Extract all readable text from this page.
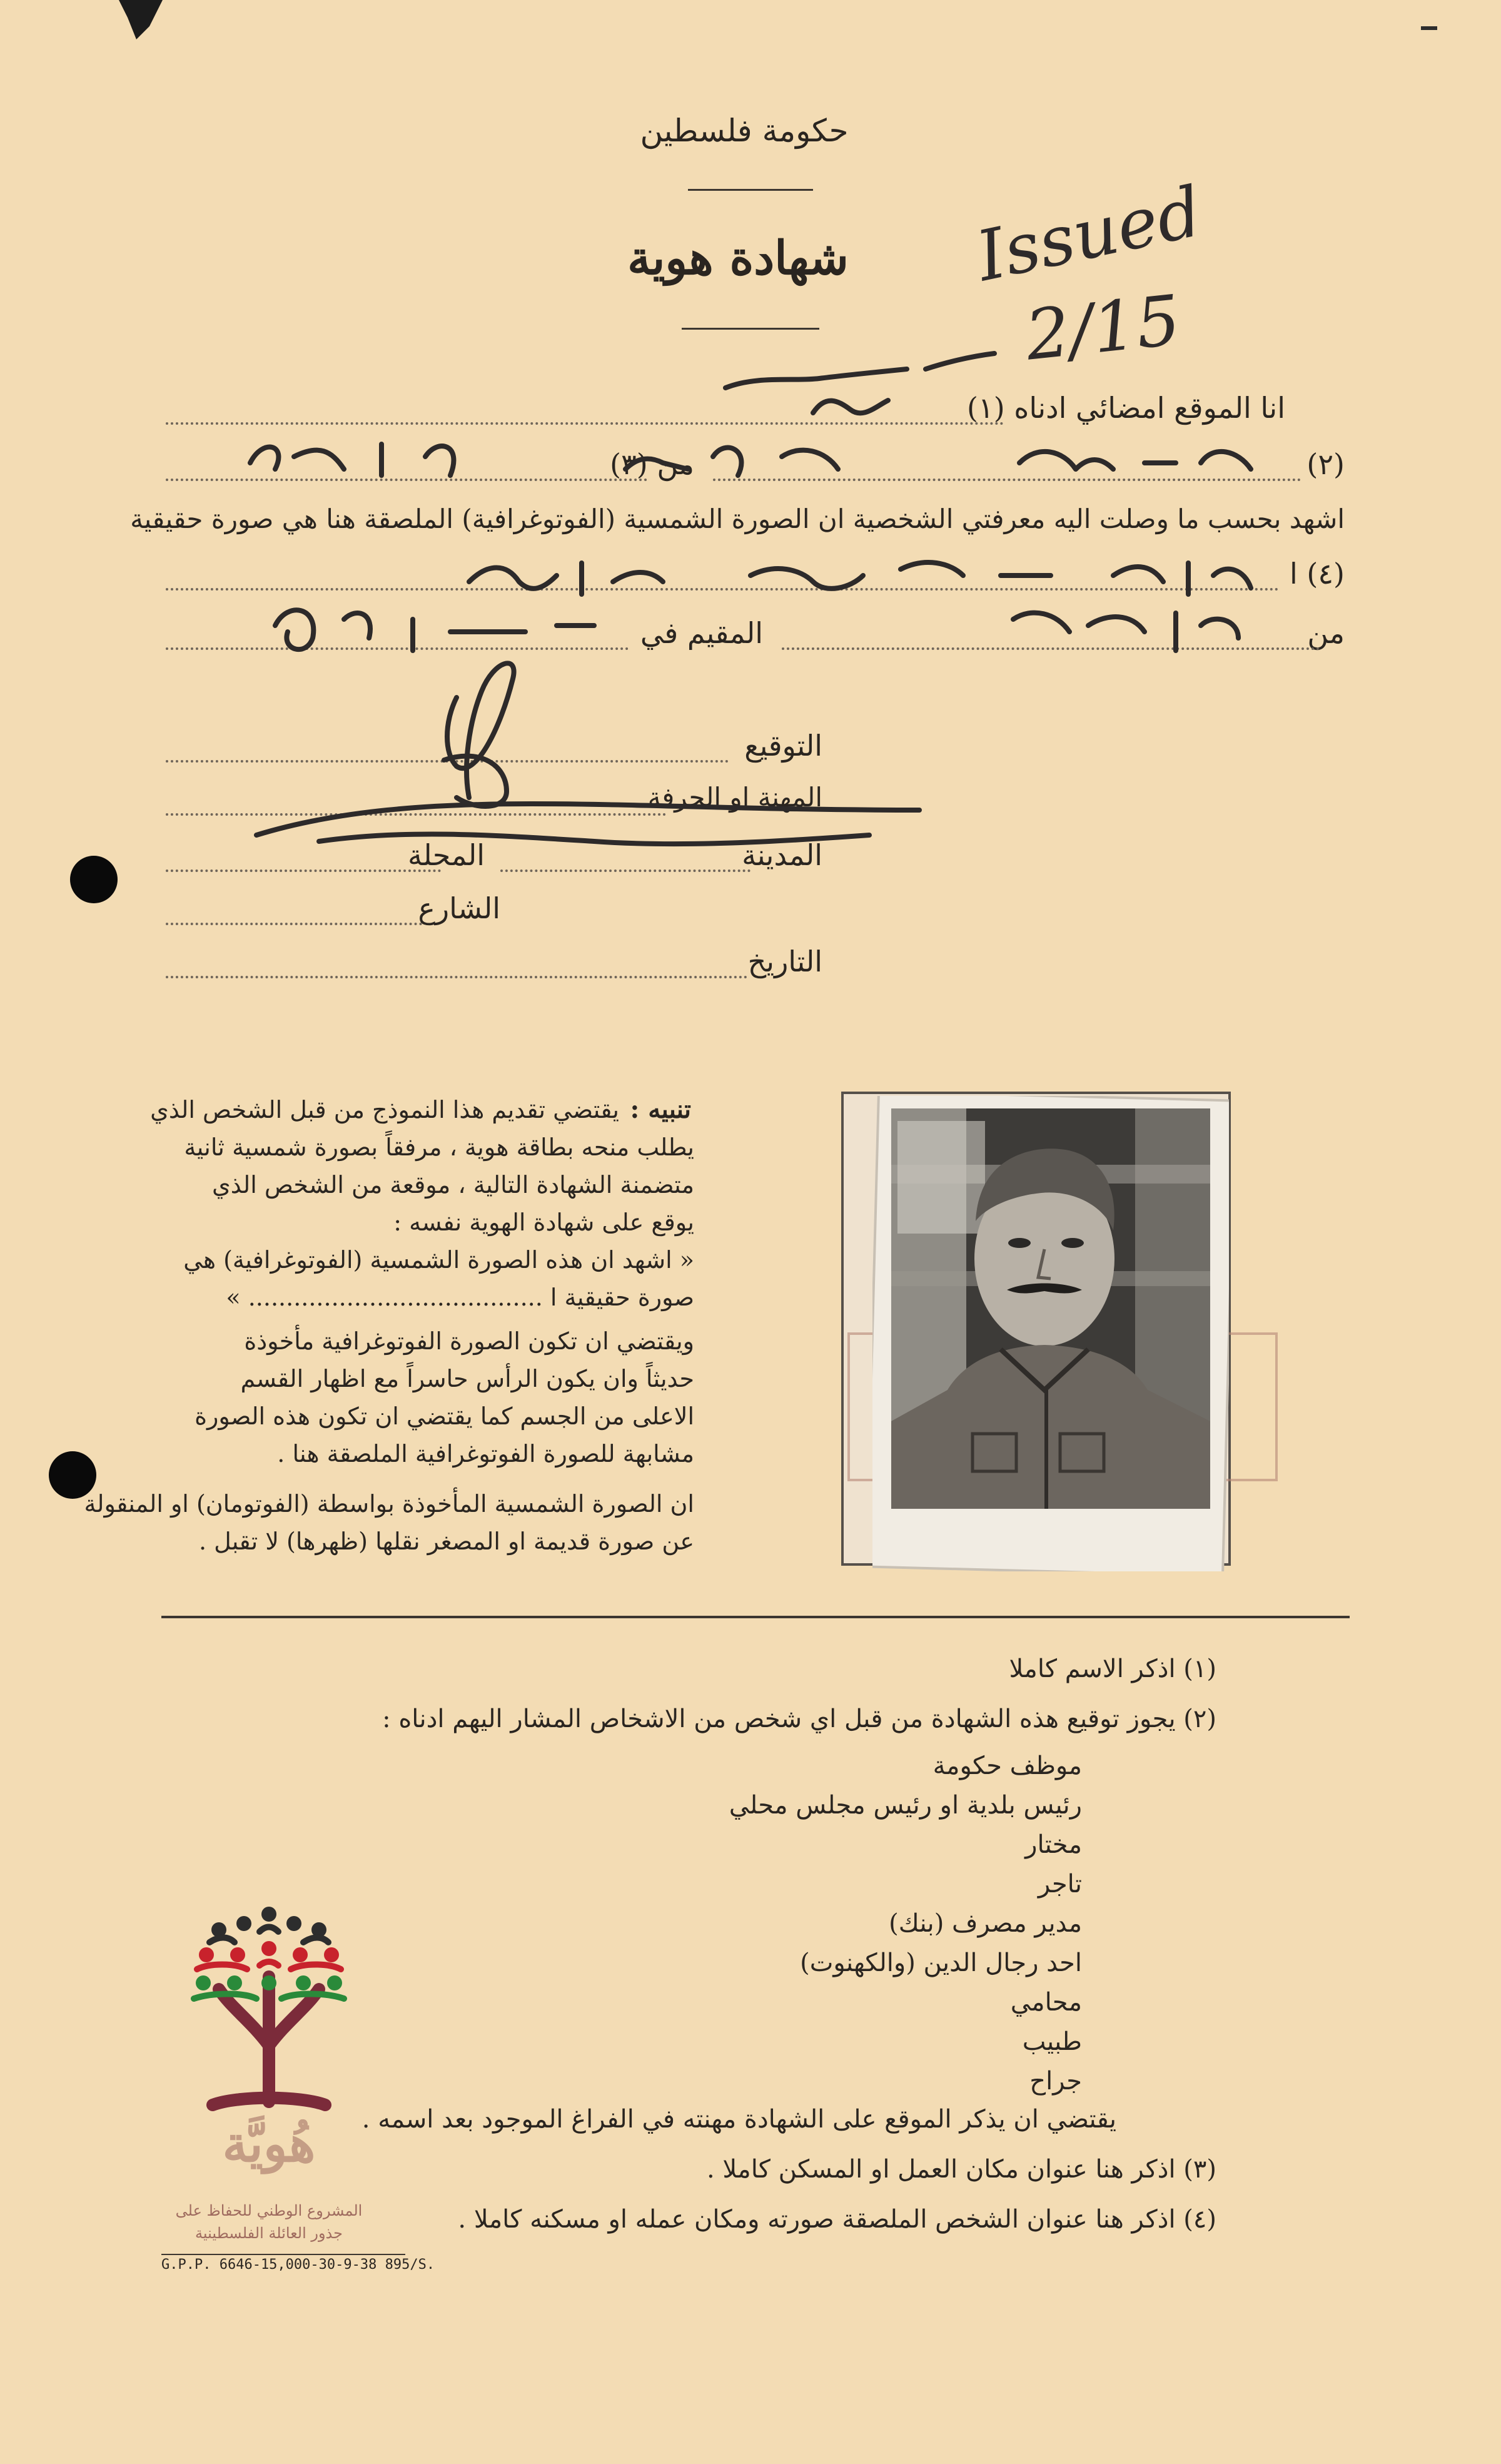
حكومة فلسطين
شهادة هوية	Issued
2/15
انا الموقع امضائي ادناه (١)
(٢)
من (٣)
اشهد بحسب ما وصلت اليه معرفتي الشخصية ان الصورة الشمسية (الفوتوغرافية) الملصقة هنا هي صورة حقيقية
(٤) ا
من
المقيم في
التوقيع
المهنة او الحرفة
المدينة
المحلة
الشارع
التاريخ
تنبيه :
يقتضي تقديم هذا النموذج من قبل الشخص الذي
يطلب منحه بطاقة هوية ، مرفقاً بصورة شمسية ثانية
متضمنة الشهادة التالية ، موقعة من الشخص الذي
يوقع على شهادة الهوية نفسه :
« اشهد ان هذه الصورة الشمسية (الفوتوغرافية) هي
صورة حقيقية ا ....................................... »
ويقتضي ان تكون الصورة الفوتوغرافية مأخوذة
حديثاً وان يكون الرأس حاسراً مع اظهار القسم
الاعلى من الجسم كما يقتضي ان تكون هذه الصورة
مشابهة للصورة الفوتوغرافية الملصقة هنا .
ان الصورة الشمسية المأخوذة بواسطة (الفوتومان) او المنقولة
عن صورة قديمة او المصغر نقلها (ظهرها) لا تقبل .
(١) اذكر الاسم كاملا
(٢) يجوز توقيع هذه الشهادة من قبل اي شخص من الاشخاص المشار اليهم ادناه :
موظف حكومة
رئيس بلدية او رئيس مجلس محلي
مختار
تاجر
مدير مصرف (بنك)
احد رجال الدين (والكهنوت)
محامي
طبيب
جراح
يقتضي ان يذكر الموقع على الشهادة مهنته في الفراغ الموجود بعد اسمه .
(٣) اذكر هنا عنوان مكان العمل او المسكن كاملا .
(٤) اذكر هنا عنوان الشخص الملصقة صورته ومكان عمله او مسكنه كاملا .
هُويَّة
المشروع الوطني للحفاظ على
جذور العائلة الفلسطينية
G.P.P. 6646-15,000-30-9-38 895/S.
